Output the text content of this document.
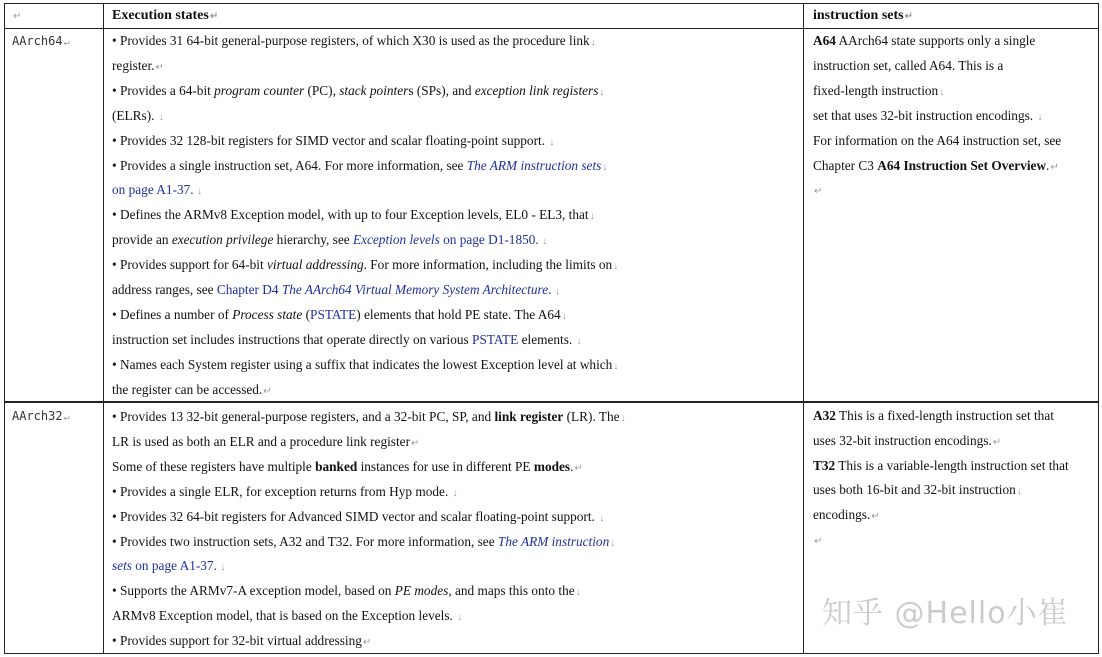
↵	Execution states↵	instruction sets↵
AArch64↵
AArch32↵
• Provides 31 64-bit general-purpose registers, of which X30 is used as the procedure link↓
register.↵
• Provides a 64-bit program counter (PC), stack pointers (SPs), and exception link registers↓
(ELRs). ↓
• Provides 32 128-bit registers for SIMD vector and scalar floating-point support. ↓
• Provides a single instruction set, A64. For more information, see The ARM instruction sets↓
on page A1-37. ↓
• Defines the ARMv8 Exception model, with up to four Exception levels, EL0 - EL3, that↓
provide an execution privilege hierarchy, see Exception levels on page D1-1850. ↓
• Provides support for 64-bit virtual addressing. For more information, including the limits on↓
address ranges, see Chapter D4 The AArch64 Virtual Memory System Architecture. ↓
• Defines a number of Process state (PSTATE) elements that hold PE state. The A64↓
instruction set includes instructions that operate directly on various PSTATE elements. ↓
• Names each System register using a suffix that indicates the lowest Exception level at which↓
the register can be accessed.↵
A64 AArch64 state supports only a single
instruction set, called A64. This is a
fixed-length instruction↓
set that uses 32-bit instruction encodings. ↓
For information on the A64 instruction set, see
Chapter C3 A64 Instruction Set Overview.↵
↵
• Provides 13 32-bit general-purpose registers, and a 32-bit PC, SP, and link register (LR). The↓
LR is used as both an ELR and a procedure link register↵
Some of these registers have multiple banked instances for use in different PE modes.↵
• Provides a single ELR, for exception returns from Hyp mode. ↓
• Provides 32 64-bit registers for Advanced SIMD vector and scalar floating-point support. ↓
• Provides two instruction sets, A32 and T32. For more information, see The ARM instruction↓
sets on page A1-37. ↓
• Supports the ARMv7-A exception model, based on PE modes, and maps this onto the↓
ARMv8 Exception model, that is based on the Exception levels. ↓
• Provides support for 32-bit virtual addressing↵
A32 This is a fixed-length instruction set that
uses 32-bit instruction encodings.↵
T32 This is a variable-length instruction set that
uses both 16-bit and 32-bit instruction↓
encodings.↵
↵
知乎 @Hello小崔
